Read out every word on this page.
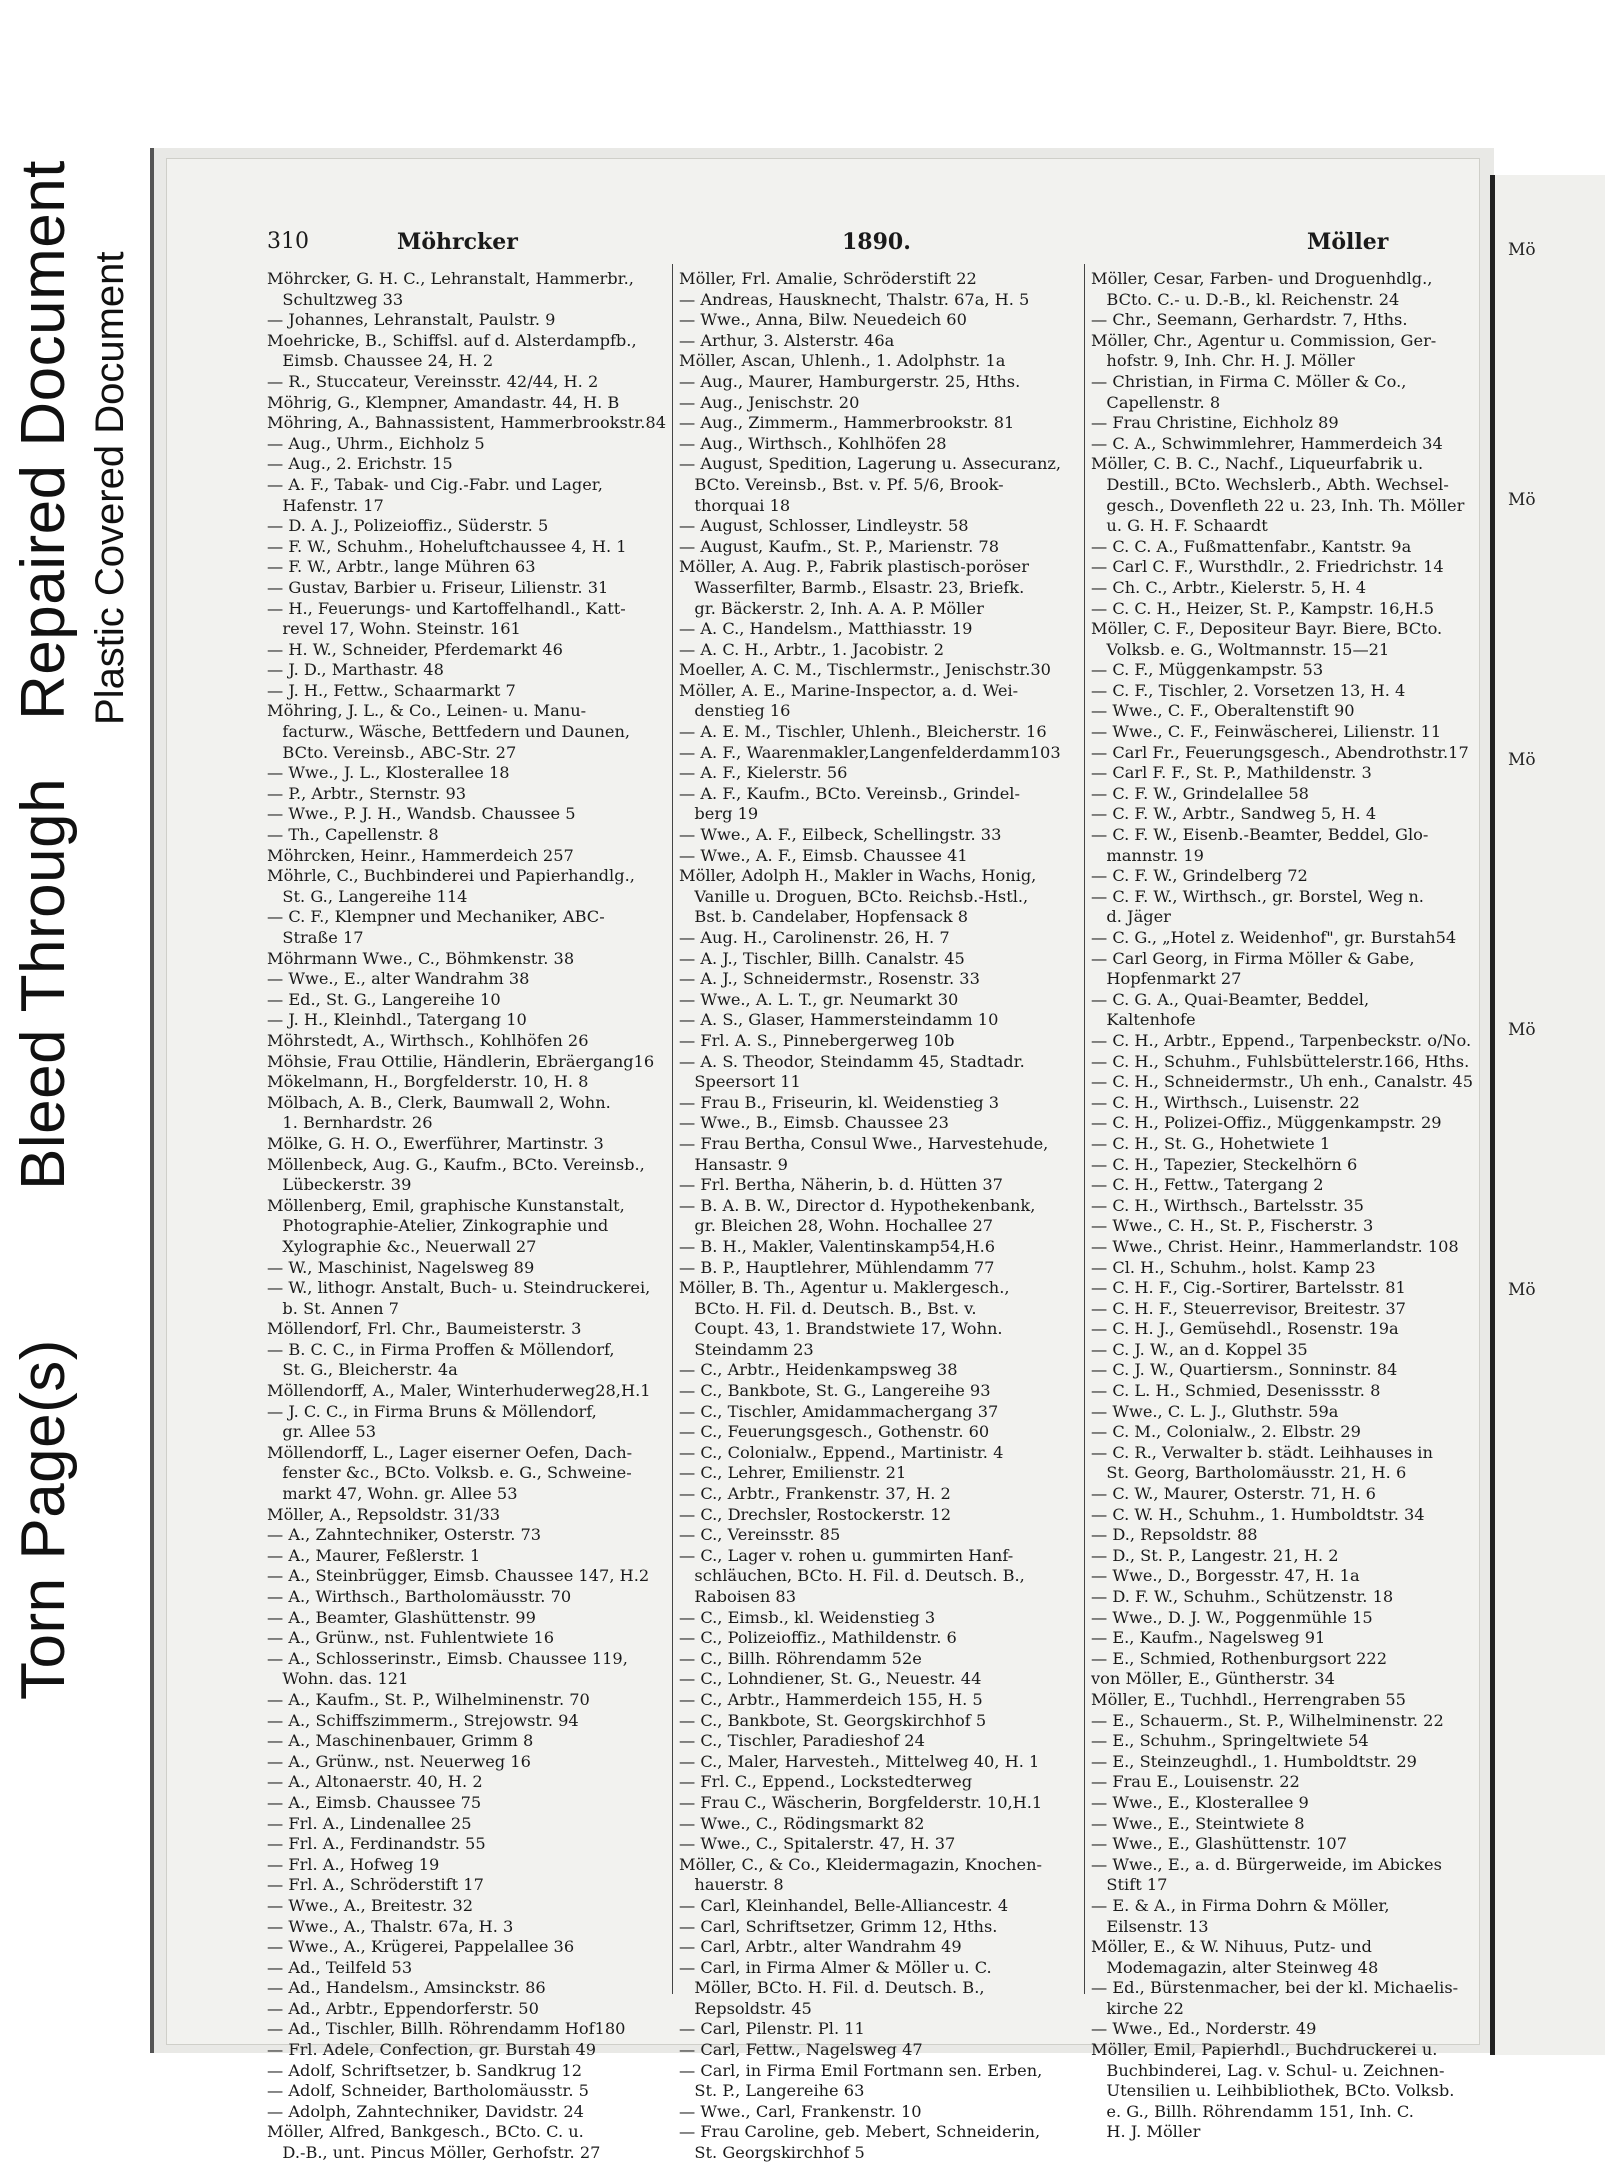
Torn Page(s)
Bleed Through
Repaired Document Plastic Covered Document
310	Möhrcker	1890.	Möller
Möhrcker, G. H. C., Lehranstalt, Hammerbr.,
Schultzweg 33
— Johannes, Lehranstalt, Paulstr. 9
Moehricke, B., Schiffsl. auf d. Alsterdampfb.,
Eimsb. Chaussee 24, H. 2
— R., Stuccateur, Vereinsstr. 42/44, H. 2
Möhrig, G., Klempner, Amandastr. 44, H. B
Möhring, A., Bahnassistent, Hammerbrookstr.84
— Aug., Uhrm., Eichholz 5
— Aug., 2. Erichstr. 15
— A. F., Tabak- und Cig.-Fabr. und Lager,
Hafenstr. 17
— D. A. J., Polizeioffiz., Süderstr. 5
— F. W., Schuhm., Hoheluftchaussee 4, H. 1
— F. W., Arbtr., lange Mühren 63
— Gustav, Barbier u. Friseur, Lilienstr. 31
— H., Feuerungs- und Kartoffelhandl., Katt-
revel 17, Wohn. Steinstr. 161
— H. W., Schneider, Pferdemarkt 46
— J. D., Marthastr. 48
— J. H., Fettw., Schaarmarkt 7
Möhring, J. L., & Co., Leinen- u. Manu-
facturw., Wäsche, Bettfedern und Daunen,
BCto. Vereinsb., ABC-Str. 27
— Wwe., J. L., Klosterallee 18
— P., Arbtr., Sternstr. 93
— Wwe., P. J. H., Wandsb. Chaussee 5
— Th., Capellenstr. 8
Möhrcken, Heinr., Hammerdeich 257
Möhrle, C., Buchbinderei und Papierhandlg.,
St. G., Langereihe 114
— C. F., Klempner und Mechaniker, ABC-
Straße 17
Möhrmann Wwe., C., Böhmkenstr. 38
— Wwe., E., alter Wandrahm 38
— Ed., St. G., Langereihe 10
— J. H., Kleinhdl., Tatergang 10
Möhrstedt, A., Wirthsch., Kohlhöfen 26
Möhsie, Frau Ottilie, Händlerin, Ebräergang16
Mökelmann, H., Borgfelderstr. 10, H. 8
Mölbach, A. B., Clerk, Baumwall 2, Wohn.
1. Bernhardstr. 26
Mölke, G. H. O., Ewerführer, Martinstr. 3
Möllenbeck, Aug. G., Kaufm., BCto. Vereinsb.,
Lübeckerstr. 39
Möllenberg, Emil, graphische Kunstanstalt,
Photographie-Atelier, Zinkographie und
Xylographie &c., Neuerwall 27
— W., Maschinist, Nagelsweg 89
— W., lithogr. Anstalt, Buch- u. Steindruckerei,
b. St. Annen 7
Möllendorf, Frl. Chr., Baumeisterstr. 3
— B. C. C., in Firma Proffen & Möllendorf,
St. G., Bleicherstr. 4a
Möllendorff, A., Maler, Winterhuderweg28,H.1
— J. C. C., in Firma Bruns & Möllendorf,
gr. Allee 53
Möllendorff, L., Lager eiserner Oefen, Dach-
fenster &c., BCto. Volksb. e. G., Schweine-
markt 47, Wohn. gr. Allee 53
Möller, A., Repsoldstr. 31/33
— A., Zahntechniker, Osterstr. 73
— A., Maurer, Feßlerstr. 1
— A., Steinbrügger, Eimsb. Chaussee 147, H.2
— A., Wirthsch., Bartholomäusstr. 70
— A., Beamter, Glashüttenstr. 99
— A., Grünw., nst. Fuhlentwiete 16
— A., Schlosserinstr., Eimsb. Chaussee 119,
Wohn. das. 121
— A., Kaufm., St. P., Wilhelminenstr. 70
— A., Schiffszimmerm., Strejowstr. 94
— A., Maschinenbauer, Grimm 8
— A., Grünw., nst. Neuerweg 16
— A., Altonaerstr. 40, H. 2
— A., Eimsb. Chaussee 75
— Frl. A., Lindenallee 25
— Frl. A., Ferdinandstr. 55
— Frl. A., Hofweg 19
— Frl. A., Schröderstift 17
— Wwe., A., Breitestr. 32
— Wwe., A., Thalstr. 67a, H. 3
— Wwe., A., Krügerei, Pappelallee 36
— Ad., Teilfeld 53
— Ad., Handelsm., Amsinckstr. 86
— Ad., Arbtr., Eppendorferstr. 50
— Ad., Tischler, Billh. Röhrendamm Hof180
— Frl. Adele, Confection, gr. Burstah 49
— Adolf, Schriftsetzer, b. Sandkrug 12
— Adolf, Schneider, Bartholomäusstr. 5
— Adolph, Zahntechniker, Davidstr. 24
Möller, Alfred, Bankgesch., BCto. C. u.
D.-B., unt. Pincus Möller, Gerhofstr. 27
Möller, Frl. Amalie, Schröderstift 22
— Andreas, Hausknecht, Thalstr. 67a, H. 5
— Wwe., Anna, Bilw. Neuedeich 60
— Arthur, 3. Alsterstr. 46a
Möller, Ascan, Uhlenh., 1. Adolphstr. 1a
— Aug., Maurer, Hamburgerstr. 25, Hths.
— Aug., Jenischstr. 20
— Aug., Zimmerm., Hammerbrookstr. 81
— Aug., Wirthsch., Kohlhöfen 28
— August, Spedition, Lagerung u. Assecuranz,
BCto. Vereinsb., Bst. v. Pf. 5/6, Brook-
thorquai 18
— August, Schlosser, Lindleystr. 58
— August, Kaufm., St. P., Marienstr. 78
Möller, A. Aug. P., Fabrik plastisch-poröser
Wasserfilter, Barmb., Elsastr. 23, Briefk.
gr. Bäckerstr. 2, Inh. A. A. P. Möller
— A. C., Handelsm., Matthiasstr. 19
— A. C. H., Arbtr., 1. Jacobistr. 2
Moeller, A. C. M., Tischlermstr., Jenischstr.30
Möller, A. E., Marine-Inspector, a. d. Wei-
denstieg 16
— A. E. M., Tischler, Uhlenh., Bleicherstr. 16
— A. F., Waarenmakler,Langenfelderdamm103
— A. F., Kielerstr. 56
— A. F., Kaufm., BCto. Vereinsb., Grindel-
berg 19
— Wwe., A. F., Eilbeck, Schellingstr. 33
— Wwe., A. F., Eimsb. Chaussee 41
Möller, Adolph H., Makler in Wachs, Honig,
Vanille u. Droguen, BCto. Reichsb.-Hstl.,
Bst. b. Candelaber, Hopfensack 8
— Aug. H., Carolinenstr. 26, H. 7
— A. J., Tischler, Billh. Canalstr. 45
— A. J., Schneidermstr., Rosenstr. 33
— Wwe., A. L. T., gr. Neumarkt 30
— A. S., Glaser, Hammersteindamm 10
— Frl. A. S., Pinnebergerweg 10b
— A. S. Theodor, Steindamm 45, Stadtadr.
Speersort 11
— Frau B., Friseurin, kl. Weidenstieg 3
— Wwe., B., Eimsb. Chaussee 23
— Frau Bertha, Consul Wwe., Harvestehude,
Hansastr. 9
— Frl. Bertha, Näherin, b. d. Hütten 37
— B. A. B. W., Director d. Hypothekenbank,
gr. Bleichen 28, Wohn. Hochallee 27
— B. H., Makler, Valentinskamp54,H.6
— B. P., Hauptlehrer, Mühlendamm 77
Möller, B. Th., Agentur u. Maklergesch.,
BCto. H. Fil. d. Deutsch. B., Bst. v.
Coupt. 43, 1. Brandstwiete 17, Wohn.
Steindamm 23
— C., Arbtr., Heidenkampsweg 38
— C., Bankbote, St. G., Langereihe 93
— C., Tischler, Amidammachergang 37
— C., Feuerungsgesch., Gothenstr. 60
— C., Colonialw., Eppend., Martinistr. 4
— C., Lehrer, Emilienstr. 21
— C., Arbtr., Frankenstr. 37, H. 2
— C., Drechsler, Rostockerstr. 12
— C., Vereinsstr. 85
— C., Lager v. rohen u. gummirten Hanf-
schläuchen, BCto. H. Fil. d. Deutsch. B.,
Raboisen 83
— C., Eimsb., kl. Weidenstieg 3
— C., Polizeioffiz., Mathildenstr. 6
— C., Billh. Röhrendamm 52e
— C., Lohndiener, St. G., Neuestr. 44
— C., Arbtr., Hammerdeich 155, H. 5
— C., Bankbote, St. Georgskirchhof 5
— C., Tischler, Paradieshof 24
— C., Maler, Harvesteh., Mittelweg 40, H. 1
— Frl. C., Eppend., Lockstedterweg
— Frau C., Wäscherin, Borgfelderstr. 10,H.1
— Wwe., C., Rödingsmarkt 82
— Wwe., C., Spitalerstr. 47, H. 37
Möller, C., & Co., Kleidermagazin, Knochen-
hauerstr. 8
— Carl, Kleinhandel, Belle-Alliancestr. 4
— Carl, Schriftsetzer, Grimm 12, Hths.
— Carl, Arbtr., alter Wandrahm 49
— Carl, in Firma Almer & Möller u. C.
Möller, BCto. H. Fil. d. Deutsch. B.,
Repsoldstr. 45
— Carl, Pilenstr. Pl. 11
— Carl, Fettw., Nagelsweg 47
— Carl, in Firma Emil Fortmann sen. Erben,
St. P., Langereihe 63
— Wwe., Carl, Frankenstr. 10
— Frau Caroline, geb. Mebert, Schneiderin,
St. Georgskirchhof 5
Möller, Cesar, Farben- und Droguenhdlg.,
BCto. C.- u. D.-B., kl. Reichenstr. 24
— Chr., Seemann, Gerhardstr. 7, Hths.
Möller, Chr., Agentur u. Commission, Ger-
hofstr. 9, Inh. Chr. H. J. Möller
— Christian, in Firma C. Möller & Co.,
Capellenstr. 8
— Frau Christine, Eichholz 89
— C. A., Schwimmlehrer, Hammerdeich 34
Möller, C. B. C., Nachf., Liqueurfabrik u.
Destill., BCto. Wechslerb., Abth. Wechsel-
gesch., Dovenfleth 22 u. 23, Inh. Th. Möller
u. G. H. F. Schaardt
— C. C. A., Fußmattenfabr., Kantstr. 9a
— Carl C. F., Wursthdlr., 2. Friedrichstr. 14
— Ch. C., Arbtr., Kielerstr. 5, H. 4
— C. C. H., Heizer, St. P., Kampstr. 16,H.5
Möller, C. F., Depositeur Bayr. Biere, BCto.
Volksb. e. G., Woltmannstr. 15—21
— C. F., Müggenkampstr. 53
— C. F., Tischler, 2. Vorsetzen 13, H. 4
— Wwe., C. F., Oberaltenstift 90
— Wwe., C. F., Feinwäscherei, Lilienstr. 11
— Carl Fr., Feuerungsgesch., Abendrothstr.17
— Carl F. F., St. P., Mathildenstr. 3
— C. F. W., Grindelallee 58
— C. F. W., Arbtr., Sandweg 5, H. 4
— C. F. W., Eisenb.-Beamter, Beddel, Glo-
mannstr. 19
— C. F. W., Grindelberg 72
— C. F. W., Wirthsch., gr. Borstel, Weg n.
d. Jäger
— C. G., „Hotel z. Weidenhof", gr. Burstah54
— Carl Georg, in Firma Möller & Gabe,
Hopfenmarkt 27
— C. G. A., Quai-Beamter, Beddel,
Kaltenhofe
— C. H., Arbtr., Eppend., Tarpenbeckstr. o/No.
— C. H., Schuhm., Fuhlsbüttelerstr.166, Hths.
— C. H., Schneidermstr., Uh enh., Canalstr. 45
— C. H., Wirthsch., Luisenstr. 22
— C. H., Polizei-Offiz., Müggenkampstr. 29
— C. H., St. G., Hohetwiete 1
— C. H., Tapezier, Steckelhörn 6
— C. H., Fettw., Tatergang 2
— C. H., Wirthsch., Bartelsstr. 35
— Wwe., C. H., St. P., Fischerstr. 3
— Wwe., Christ. Heinr., Hammerlandstr. 108
— Cl. H., Schuhm., holst. Kamp 23
— C. H. F., Cig.-Sortirer, Bartelsstr. 81
— C. H. F., Steuerrevisor, Breitestr. 37
— C. H. J., Gemüsehdl., Rosenstr. 19a
— C. J. W., an d. Koppel 35
— C. J. W., Quartiersm., Sonninstr. 84
— C. L. H., Schmied, Desenissstr. 8
— Wwe., C. L. J., Gluthstr. 59a
— C. M., Colonialw., 2. Elbstr. 29
— C. R., Verwalter b. städt. Leihhauses in
St. Georg, Bartholomäusstr. 21, H. 6
— C. W., Maurer, Osterstr. 71, H. 6
— C. W. H., Schuhm., 1. Humboldtstr. 34
— D., Repsoldstr. 88
— D., St. P., Langestr. 21, H. 2
— Wwe., D., Borgesstr. 47, H. 1a
— D. F. W., Schuhm., Schützenstr. 18
— Wwe., D. J. W., Poggenmühle 15
— E., Kaufm., Nagelsweg 91
— E., Schmied, Rothenburgsort 222
von Möller, E., Güntherstr. 34
Möller, E., Tuchhdl., Herrengraben 55
— E., Schauerm., St. P., Wilhelminenstr. 22
— E., Schuhm., Springeltwiete 54
— E., Steinzeughdl., 1. Humboldtstr. 29
— Frau E., Louisenstr. 22
— Wwe., E., Klosterallee 9
— Wwe., E., Steintwiete 8
— Wwe., E., Glashüttenstr. 107
— Wwe., E., a. d. Bürgerweide, im Abickes
Stift 17
— E. & A., in Firma Dohrn & Möller,
Eilsenstr. 13
Möller, E., & W. Nihuus, Putz- und
Modemagazin, alter Steinweg 48
— Ed., Bürstenmacher, bei der kl. Michaelis-
kirche 22
— Wwe., Ed., Norderstr. 49
Möller, Emil, Papierhdl., Buchdruckerei u.
Buchbinderei, Lag. v. Schul- u. Zeichnen-
Utensilien u. Leihbibliothek, BCto. Volksb.
e. G., Billh. Röhrendamm 151, Inh. C.
H. J. Möller
Mö
Mö
Mö
Mö
Mö
